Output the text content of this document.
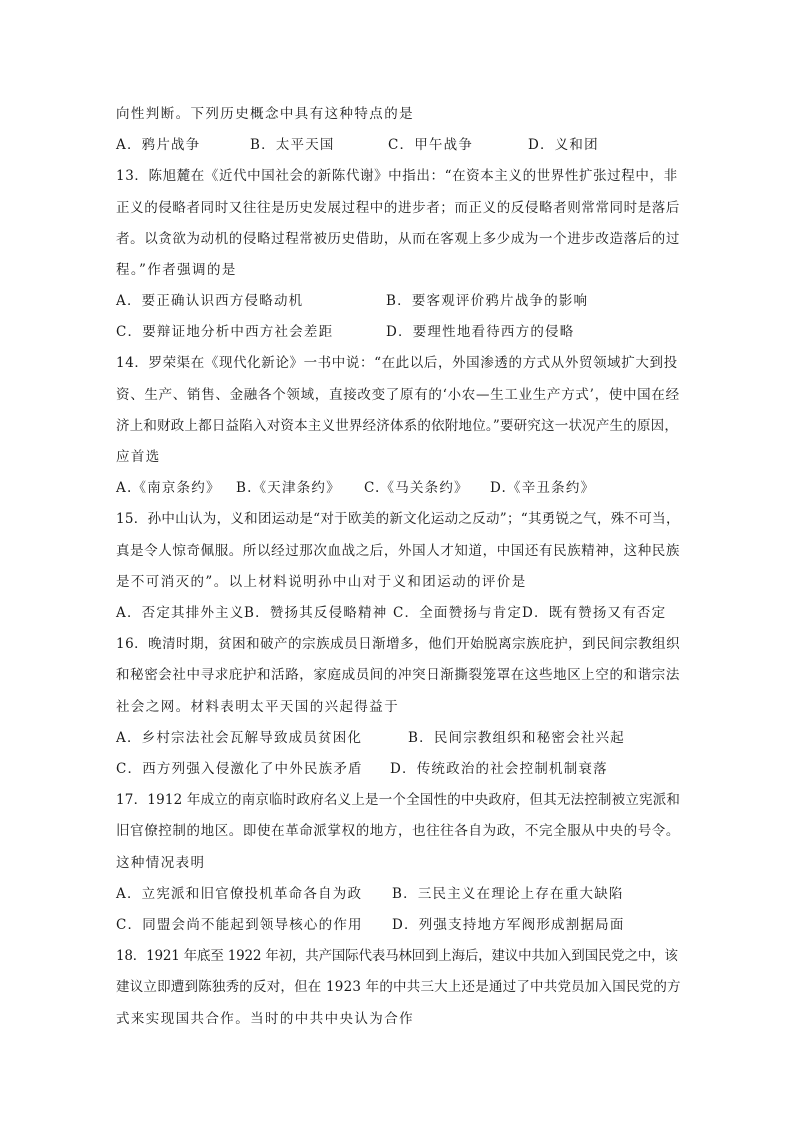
向性判断。下列历史概念中具有这种特点的是
A．鸦片战争	B．太平天国	C．甲午战争	D．义和团
13．陈旭麓在《近代中国社会的新陈代谢》中指出：“在资本主义的世界性扩张过程中，非
正义的侵略者同时又往往是历史发展过程中的进步者；而正义的反侵略者则常常同时是落后
者。以贪欲为动机的侵略过程常被历史借助，从而在客观上多少成为一个进步改造落后的过
程。”作者强调的是
A．要正确认识西方侵略动机	B．要客观评价鸦片战争的影响
C．要辩证地分析中西方社会差距	D．要理性地看待西方的侵略
14．罗荣渠在《现代化新论》一书中说：“在此以后，外国渗透的方式从外贸领域扩大到投
资、生产、销售、金融各个领域，直接改变了原有的‘小农—生工业生产方式’，使中国在经
济上和财政上都日益陷入对资本主义世界经济体系的依附地位。”要研究这一状况产生的原因，
应首选
A.《南京条约》 B.《天津条约》 C.《马关条约》 D.《辛丑条约》
15．孙中山认为，义和团运动是“对于欧美的新文化运动之反动”；“其勇锐之气，殊不可当，
真是令人惊奇佩服。所以经过那次血战之后，外国人才知道，中国还有民族精神，这种民族
是不可消灭的”。以上材料说明孙中山对于义和团运动的评价是
A．否定其排外主义 B．赞扬其反侵略精神 C．全面赞扬与肯定 D．既有赞扬又有否定
16．晚清时期，贫困和破产的宗族成员日渐增多，他们开始脱离宗族庇护，到民间宗教组织
和秘密会社中寻求庇护和活路，家庭成员间的冲突日渐撕裂笼罩在这些地区上空的和谐宗法
社会之网。材料表明太平天国的兴起得益于
A．乡村宗法社会瓦解导致成员贫困化	B．民间宗教组织和秘密会社兴起
C．西方列强入侵激化了中外民族矛盾 D．传统政治的社会控制机制衰落
17．1912 年成立的南京临时政府名义上是一个全国性的中央政府，但其无法控制被立宪派和
旧官僚控制的地区。即使在革命派掌权的地方，也往往各自为政，不完全服从中央的号令。
这种情况表明
A．立宪派和旧官僚投机革命各自为政 B．三民主义在理论上存在重大缺陷
C．同盟会尚不能起到领导核心的作用 D．列强支持地方军阀形成割据局面
18．1921 年底至 1922 年初，共产国际代表马林回到上海后，建议中共加入到国民党之中，该
建议立即遭到陈独秀的反对，但在 1923 年的中共三大上还是通过了中共党员加入国民党的方
式来实现国共合作。当时的中共中央认为合作
